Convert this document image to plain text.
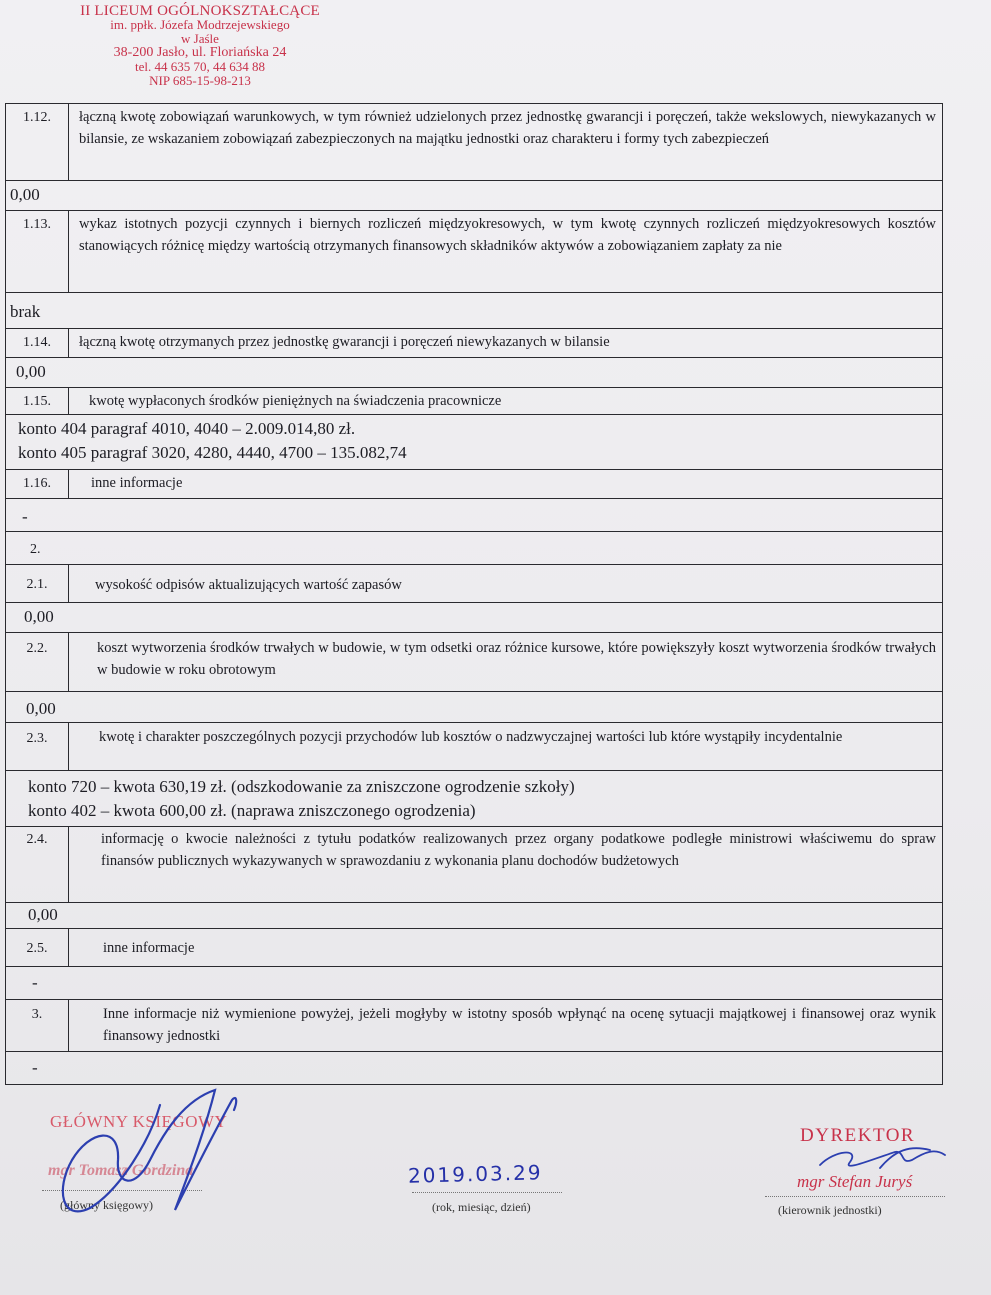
II LICEUM OGÓLNOKSZTAŁCĄCE
im. ppłk. Józefa Modrzejewskiego
w Jaśle
38-200 Jasło, ul. Floriańska 24
tel. 44 635 70, 44 634 88
NIP 685-15-98-213
1.12.	łączną kwotę zobowiązań warunkowych, w tym również udzielonych przez jednostkę gwarancji i poręczeń, także wekslowych, niewykazanych w bilansie, ze wskazaniem zobowiązań zabezpieczonych na majątku jednostki oraz charakteru i formy tych zabezpieczeń
0,00
1.13.	wykaz istotnych pozycji czynnych i biernych rozliczeń międzyokresowych, w tym kwotę czynnych rozliczeń międzyokresowych kosztów stanowiących różnicę między wartością otrzymanych finansowych składników aktywów a zobowiązaniem zapłaty za nie
brak
1.14.	łączną kwotę otrzymanych przez jednostkę gwarancji i poręczeń niewykazanych w bilansie
0,00
1.15.	kwotę wypłaconych środków pieniężnych na świadczenia pracownicze
konto 404 paragraf 4010, 4040 – 2.009.014,80 zł.
konto 405 paragraf 3020, 4280, 4440, 4700 – 135.082,74
1.16.	inne informacje
-
2.
2.1.	wysokość odpisów aktualizujących wartość zapasów
0,00
2.2.	koszt wytworzenia środków trwałych w budowie, w tym odsetki oraz różnice kursowe, które powiększyły koszt wytworzenia środków trwałych w budowie w roku obrotowym
0,00
2.3.	kwotę i charakter poszczególnych pozycji przychodów lub kosztów o nadzwyczajnej wartości lub które wystąpiły incydentalnie
konto 720 – kwota 630,19 zł. (odszkodowanie za zniszczone ogrodzenie szkoły)
konto 402 – kwota 600,00 zł. (naprawa zniszczonego ogrodzenia)
2.4.	informację o kwocie należności z tytułu podatków realizowanych przez organy podatkowe podległe ministrowi właściwemu do spraw finansów publicznych wykazywanych w sprawozdaniu z wykonania planu dochodów budżetowych
0,00
2.5.	inne informacje
-
3.	Inne informacje niż wymienione powyżej, jeżeli mogłyby w istotny sposób wpłynąć na ocenę sytuacji majątkowej i finansowej oraz wynik finansowy jednostki
-
GŁÓWNY KSIĘGOWY
mgr Tomasz Gordzina
(główny księgowy)
2019.03.29
(rok, miesiąc, dzień)
DYREKTOR
mgr Stefan Juryś
(kierownik jednostki)
